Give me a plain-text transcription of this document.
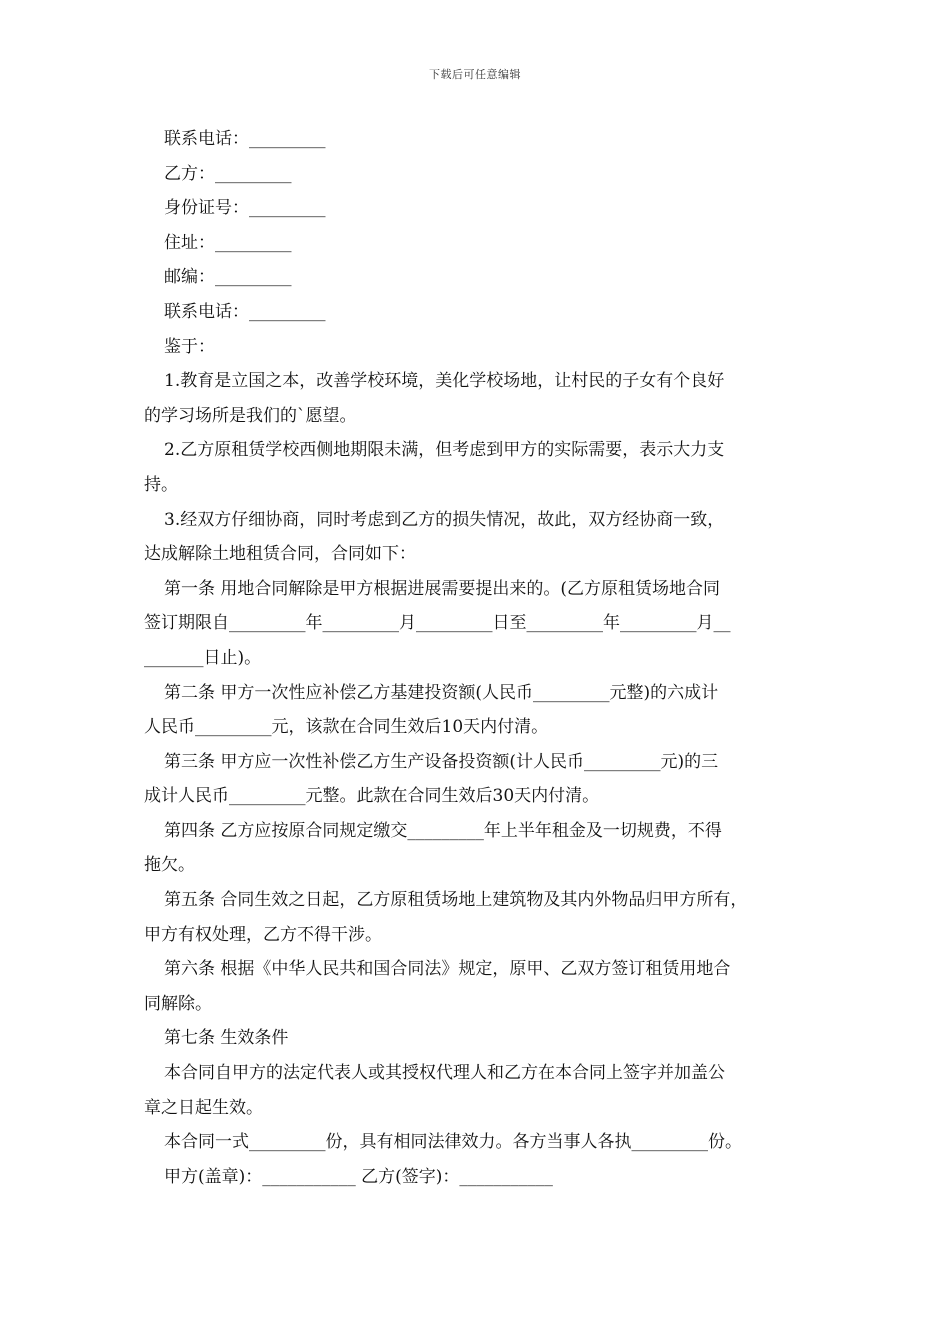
下载后可任意编辑
联系电话：_________
乙方：_________
身份证号：_________
住址：_________
邮编：_________
联系电话：_________
鉴于：
1.教育是立国之本，改善学校环境，美化学校场地，让村民的子女有个良好
的学习场所是我们的`愿望。
2.乙方原租赁学校西侧地期限未满，但考虑到甲方的实际需要，表示大力支
持。
3.经双方仔细协商，同时考虑到乙方的损失情况，故此，双方经协商一致，
达成解除土地租赁合同，合同如下：
第一条 用地合同解除是甲方根据进展需要提出来的。(乙方原租赁场地合同
签订期限自_________年_________月_________日至_________年_________月__
_______日止)。
第二条 甲方一次性应补偿乙方基建投资额(人民币_________元整)的六成计
人民币_________元，该款在合同生效后10天内付清。
第三条 甲方应一次性补偿乙方生产设备投资额(计人民币_________元)的三
成计人民币_________元整。此款在合同生效后30天内付清。
第四条 乙方应按原合同规定缴交_________年上半年租金及一切规费，不得
拖欠。
第五条 合同生效之日起，乙方原租赁场地上建筑物及其内外物品归甲方所有，
甲方有权处理，乙方不得干涉。
第六条 根据《中华人民共和国合同法》规定，原甲、乙双方签订租赁用地合
同解除。
第七条 生效条件
本合同自甲方的法定代表人或其授权代理人和乙方在本合同上签字并加盖公
章之日起生效。
本合同一式_________份，具有相同法律效力。各方当事人各执_________份。
甲方(盖章)：___________ 乙方(签字)：___________
